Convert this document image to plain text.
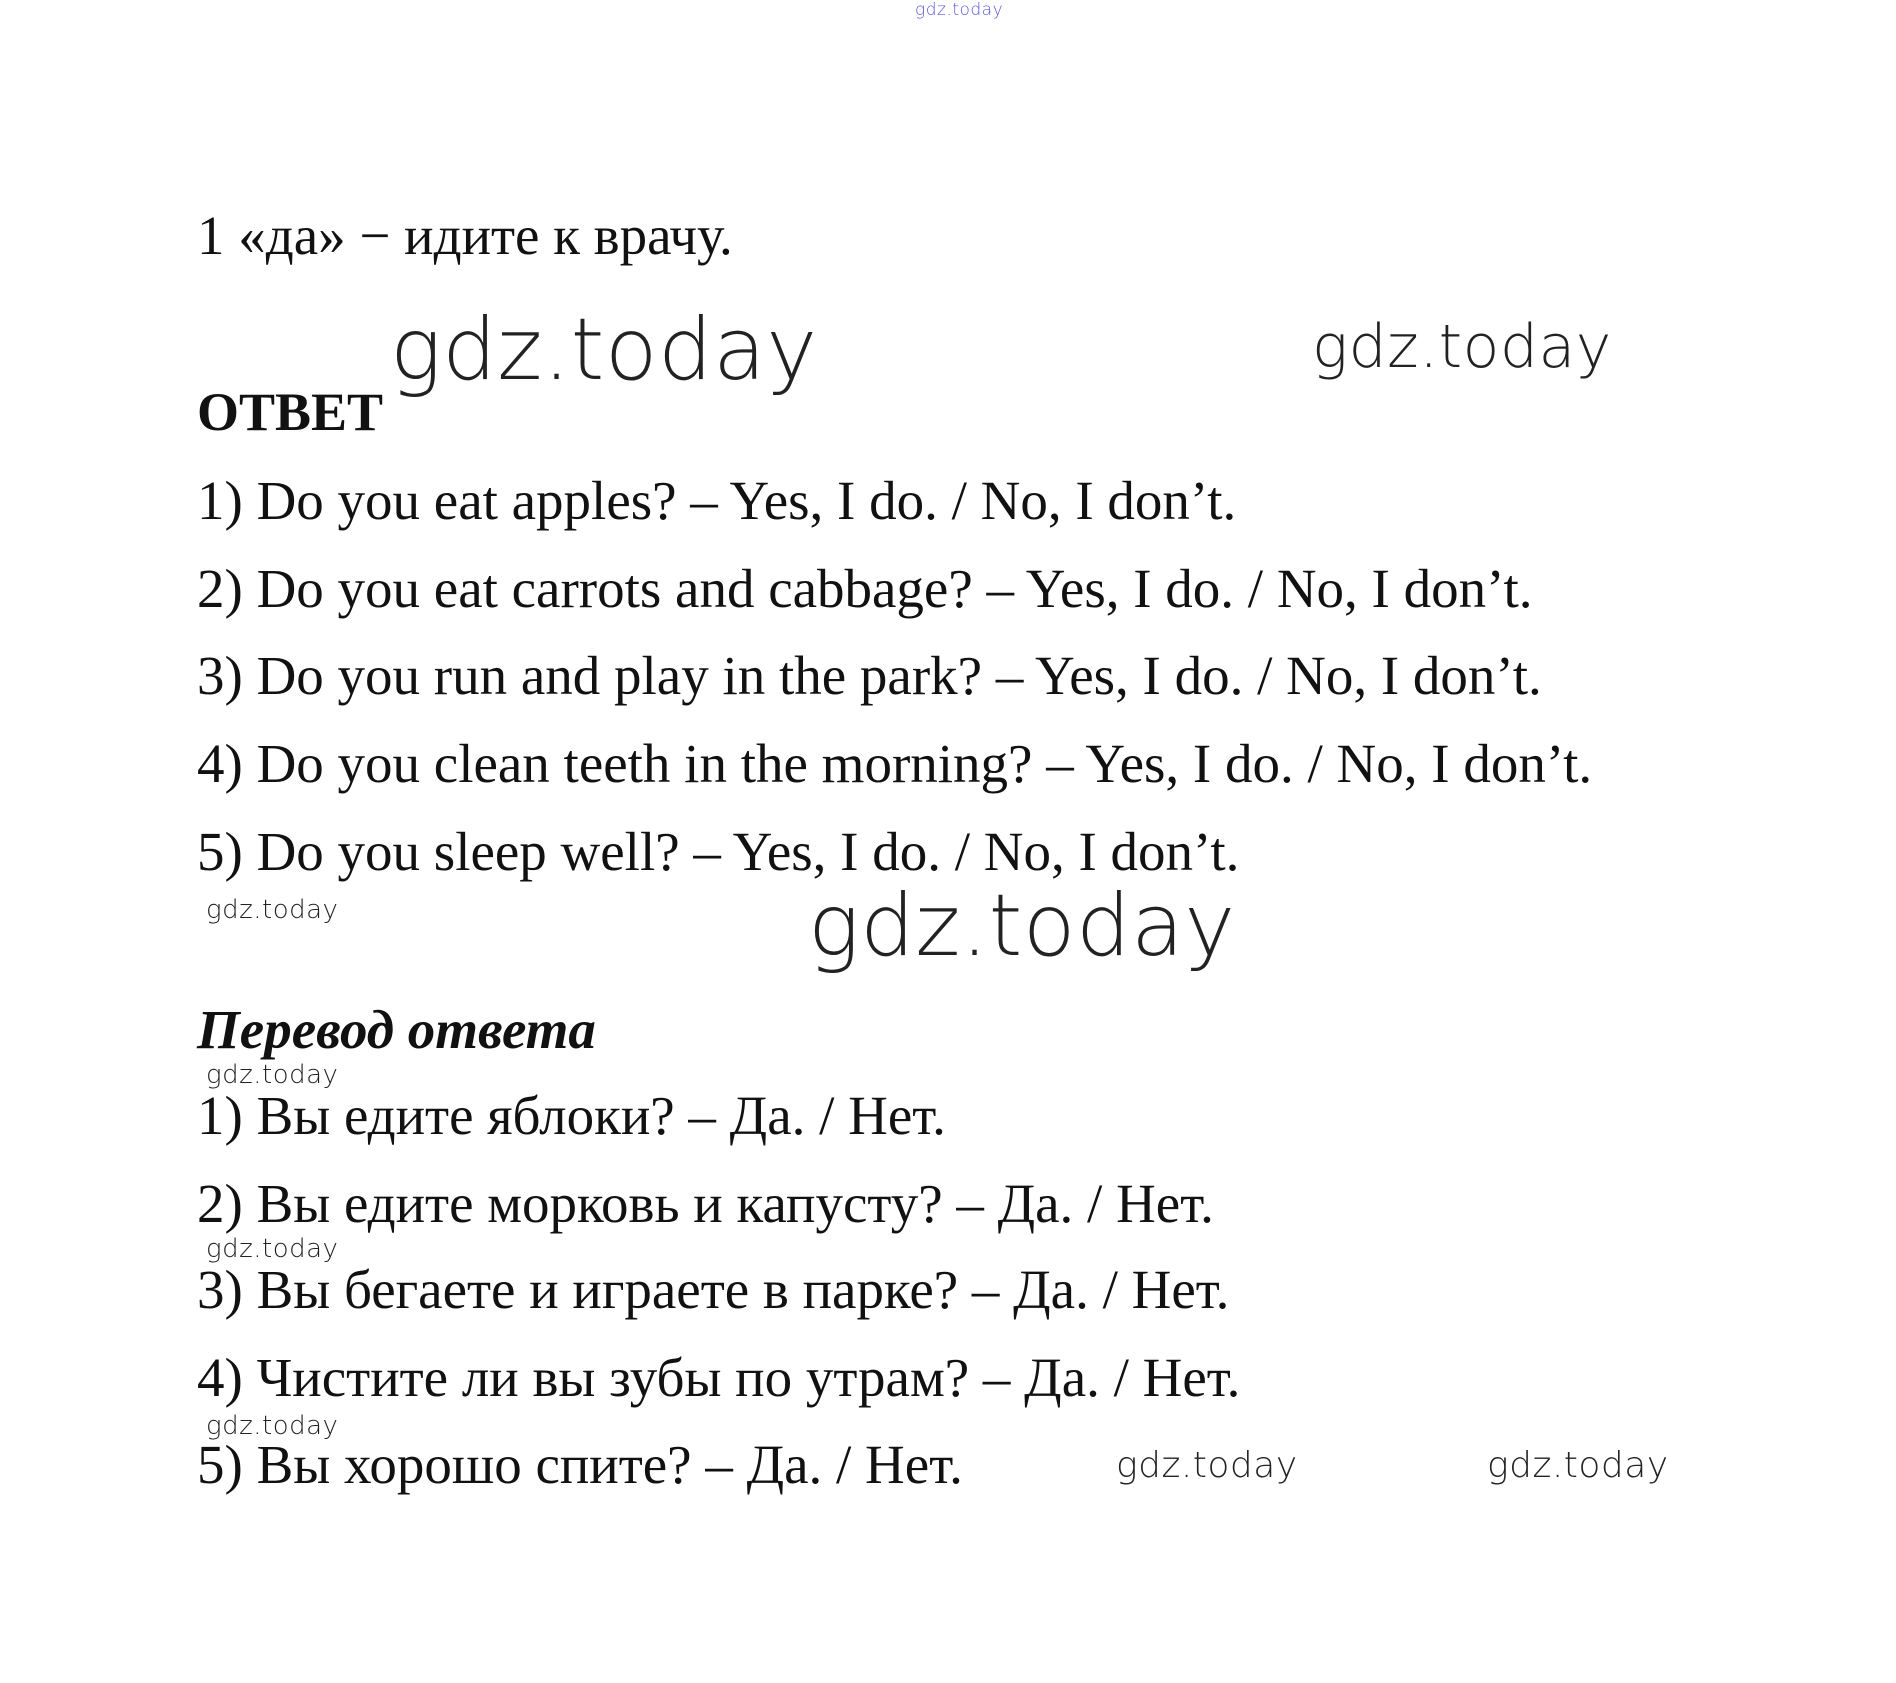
gdz.today
1 «да» − идите к врачу.
ОТВЕТ
gdz.today	gdz.today
1) Do you eat apples? – Yes, I do. / No, I don’t.
2) Do you eat carrots and cabbage? – Yes, I do. / No, I don’t.
3) Do you run and play in the park? – Yes, I do. / No, I don’t.
4) Do you clean teeth in the morning? – Yes, I do. / No, I don’t.
5) Do you sleep well? – Yes, I do. / No, I don’t.
gdz.today	gdz.today
Перевод ответа
gdz.today
1) Вы едите яблоки? – Да. / Нет.
2) Вы едите морковь и капусту? – Да. / Нет.
gdz.today
3) Вы бегаете и играете в парке? – Да. / Нет.
4) Чистите ли вы зубы по утрам? – Да. / Нет.
gdz.today
5) Вы хорошо спите? – Да. / Нет.	gdz.today	gdz.today
